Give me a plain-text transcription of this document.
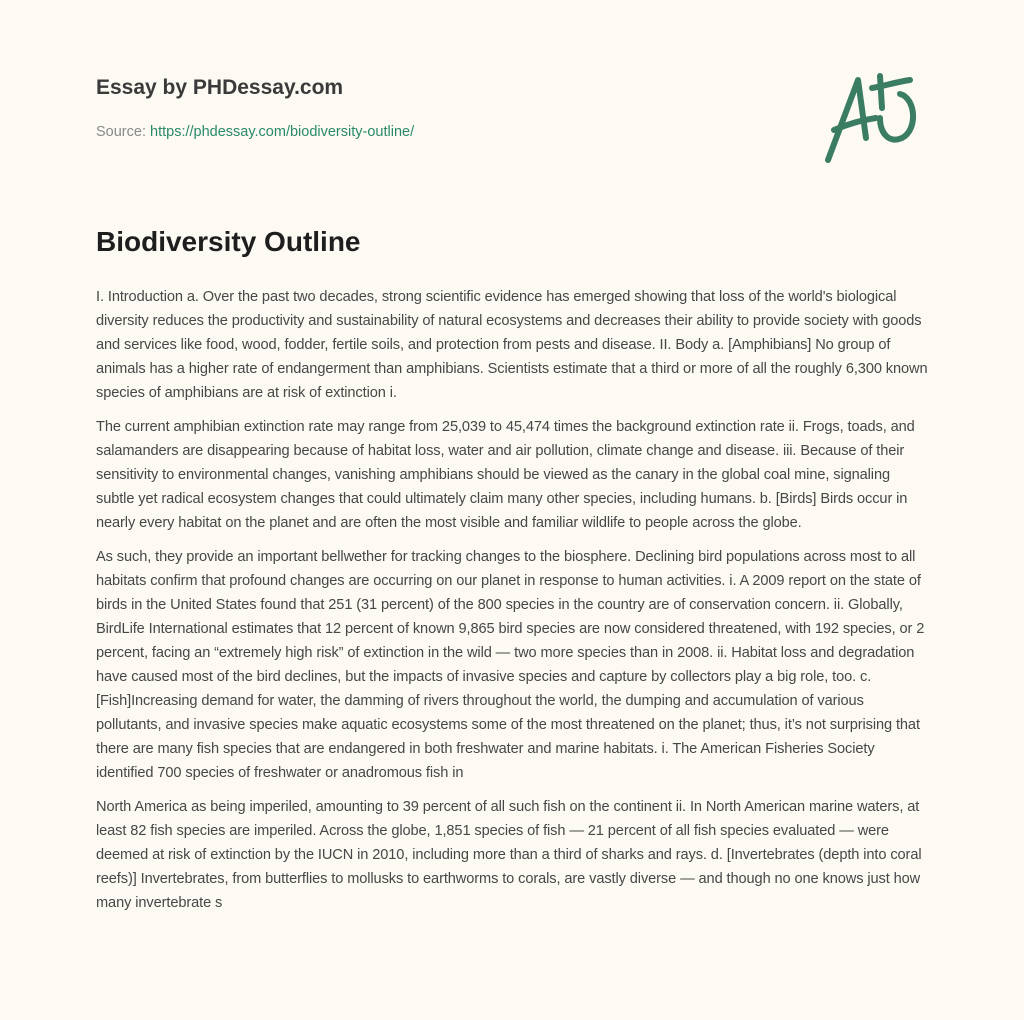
Essay by PHDessay.com
Source: https://phdessay.com/biodiversity-outline/
Biodiversity Outline

I. Introduction a. Over the past two decades, strong scientific evidence has emerged showing that loss of the world's biological diversity reduces the productivity and sustainability of natural ecosystems and decreases their ability to provide society with goods and services like food, wood, fodder, fertile soils, and protection from pests and disease. II. Body a. [Amphibians] No group of animals has a higher rate of endangerment than amphibians. Scientists estimate that a third or more of all the roughly 6,300 known species of amphibians are at risk of extinction i.

The current amphibian extinction rate may range from 25,039 to 45,474 times the background extinction rate ii. Frogs, toads, and salamanders are disappearing because of habitat loss, water and air pollution, climate change and disease. iii. Because of their sensitivity to environmental changes, vanishing amphibians should be viewed as the canary in the global coal mine, signaling subtle yet radical ecosystem changes that could ultimately claim many other species, including humans. b. [Birds] Birds occur in nearly every habitat on the planet and are often the most visible and familiar wildlife to people across the globe.

As such, they provide an important bellwether for tracking changes to the biosphere. Declining bird populations across most to all habitats confirm that profound changes are occurring on our planet in response to human activities. i. A 2009 report on the state of birds in the United States found that 251 (31 percent) of the 800 species in the country are of conservation concern. ii. Globally, BirdLife International estimates that 12 percent of known 9,865 bird species are now considered threatened, with 192 species, or 2 percent, facing an “extremely high risk” of extinction in the wild — two more species than in 2008. ii. Habitat loss and degradation have caused most of the bird declines, but the impacts of invasive species and capture by collectors play a big role, too. c. [Fish]Increasing demand for water, the damming of rivers throughout the world, the dumping and accumulation of various pollutants, and invasive species make aquatic ecosystems some of the most threatened on the planet; thus, it’s not surprising that there are many fish species that are endangered in both freshwater and marine habitats. i. The American Fisheries Society identified 700 species of freshwater or anadromous fish in

North America as being imperiled, amounting to 39 percent of all such fish on the continent ii. In North American marine waters, at least 82 fish species are imperiled. Across the globe, 1,851 species of fish — 21 percent of all fish species evaluated — were deemed at risk of extinction by the IUCN in 2010, including more than a third of sharks and rays. d. [Invertebrates (depth into coral reefs)] Invertebrates, from butterflies to mollusks to earthworms to corals, are vastly diverse — and though no one knows just how many invertebrate s
